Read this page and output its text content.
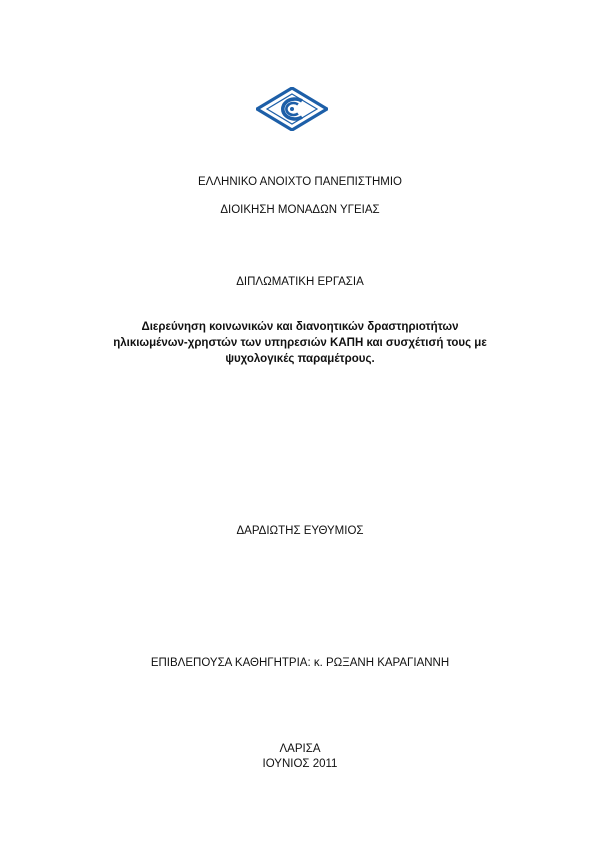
ΕΛΛΗΝΙΚΟ ΑΝΟΙΧΤΟ ΠΑΝΕΠΙΣΤΗΜΙΟ
ΔΙΟΙΚΗΣΗ ΜΟΝΑΔΩΝ ΥΓΕΙΑΣ
ΔΙΠΛΩΜΑΤΙΚΗ ΕΡΓΑΣΙΑ
Διερεύνηση κοινωνικών και διανοητικών δραστηριοτήτων
ηλικιωμένων-χρηστών των υπηρεσιών ΚΑΠΗ και συσχέτισή τους με
ψυχολογικές παραμέτρους.
ΔΑΡΔΙΩΤΗΣ ΕΥΘΥΜΙΟΣ
ΕΠΙΒΛΕΠΟΥΣΑ ΚΑΘΗΓΗΤΡΙΑ: κ. ΡΩΞΑΝΗ ΚΑΡΑΓΙΑΝΝΗ
ΛΑΡΙΣΑ
ΙΟΥΝΙΟΣ 2011
